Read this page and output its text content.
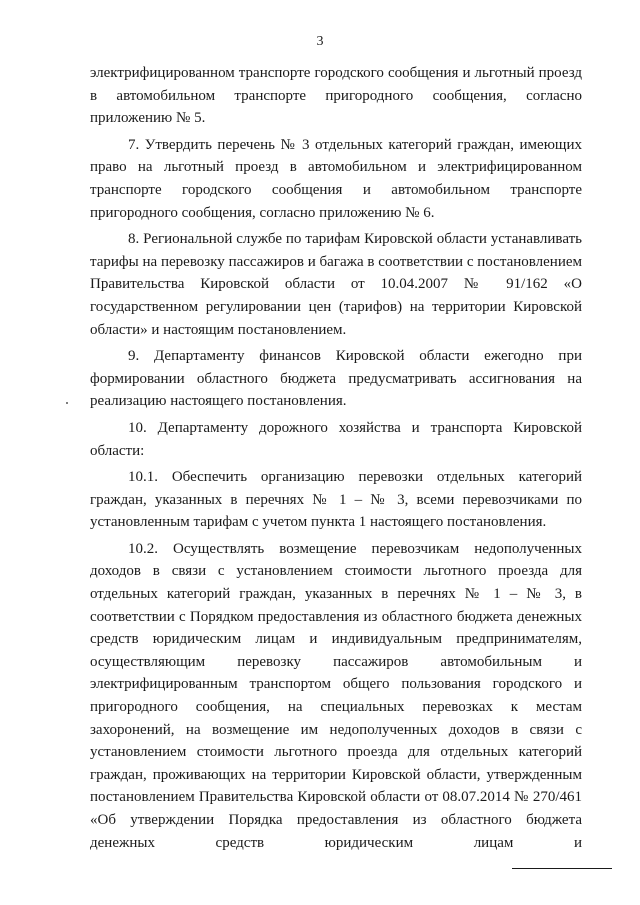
3

электрифицированном транспорте городского сообщения и льготный проезд в автомобильном транспорте пригородного сообщения, согласно приложению № 5.

7. Утвердить перечень № 3 отдельных категорий граждан, имеющих право на льготный проезд в автомобильном и электрифицированном транспорте городского сообщения и автомобильном транспорте пригородного сообщения, согласно приложению № 6.

8. Региональной службе по тарифам Кировской области устанавливать тарифы на перевозку пассажиров и багажа в соответствии с постановлением Правительства Кировской области от 10.04.2007 № 91/162 «О государственном регулировании цен (тарифов) на территории Кировской области» и настоящим постановлением.

9. Департаменту финансов Кировской области ежегодно при формировании областного бюджета предусматривать ассигнования на реализацию настоящего постановления.

10. Департаменту дорожного хозяйства и транспорта Кировской области:

10.1. Обеспечить организацию перевозки отдельных категорий граждан, указанных в перечнях № 1 – № 3, всеми перевозчиками по установленным тарифам с учетом пункта 1 настоящего постановления.

10.2. Осуществлять возмещение перевозчикам недополученных доходов в связи с установлением стоимости льготного проезда для отдельных категорий граждан, указанных в перечнях № 1 – № 3, в соответствии с Порядком предоставления из областного бюджета денежных средств юридическим лицам и индивидуальным предпринимателям, осуществляющим перевозку пассажиров автомобильным и электрифицированным транспортом общего пользования городского и пригородного сообщения, на специальных перевозках к местам захоронений, на возмещение им недополученных доходов в связи с установлением стоимости льготного проезда для отдельных категорий граждан, проживающих на территории Кировской области, утвержденным постановлением Правительства Кировской области от 08.07.2014 № 270/461 «Об утверждении Порядка предоставления из областного бюджета денежных средств юридическим лицам и
